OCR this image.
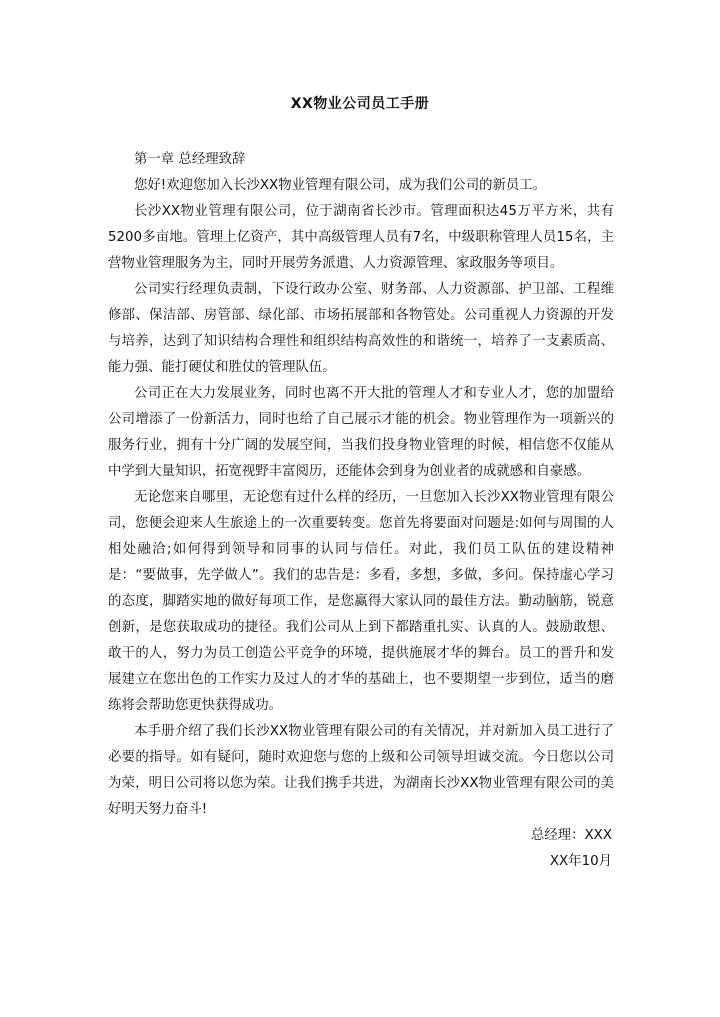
XX物业公司员工手册

第一章 总经理致辞

您好!欢迎您加入长沙XX物业管理有限公司，成为我们公司的新员工。

长沙XX物业管理有限公司，位于湖南省长沙市。管理面积达45万平方米，共有5200多亩地。管理上亿资产，其中高级管理人员有7名，中级职称管理人员15名，主营物业管理服务为主，同时开展劳务派遣、人力资源管理、家政服务等项目。

公司实行经理负责制，下设行政办公室、财务部、人力资源部、护卫部、工程维修部、保洁部、房管部、绿化部、市场拓展部和各物管处。公司重视人力资源的开发与培养，达到了知识结构合理性和组织结构高效性的和谐统一，培养了一支素质高、能力强、能打硬仗和胜仗的管理队伍。

公司正在大力发展业务，同时也离不开大批的管理人才和专业人才，您的加盟给公司增添了一份新活力，同时也给了自己展示才能的机会。物业管理作为一项新兴的服务行业，拥有十分广阔的发展空间，当我们投身物业管理的时候，相信您不仅能从中学到大量知识，拓宽视野丰富阅历，还能体会到身为创业者的成就感和自豪感。

无论您来自哪里，无论您有过什么样的经历，一旦您加入长沙XX物业管理有限公司，您便会迎来人生旅途上的一次重要转变。您首先将要面对问题是:如何与周围的人相处融洽;如何得到领导和同事的认同与信任。对此，我们员工队伍的建设精神是：“要做事，先学做人”。我们的忠告是：多看，多想，多做，多问。保持虚心学习的态度，脚踏实地的做好每项工作，是您赢得大家认同的最佳方法。勤动脑筋，锐意创新，是您获取成功的捷径。我们公司从上到下都踏重扎实、认真的人。鼓励敢想、敢干的人，努力为员工创造公平竞争的环境，提供施展才华的舞台。员工的晋升和发展建立在您出色的工作实力及过人的才华的基础上，也不要期望一步到位，适当的磨练将会帮助您更快获得成功。

本手册介绍了我们长沙XX物业管理有限公司的有关情况，并对新加入员工进行了必要的指导。如有疑问，随时欢迎您与您的上级和公司领导坦诚交流。今日您以公司为荣，明日公司将以您为荣。让我们携手共进，为湖南长沙XX物业管理有限公司的美好明天努力奋斗!

总经理：XXX

XX年10月
